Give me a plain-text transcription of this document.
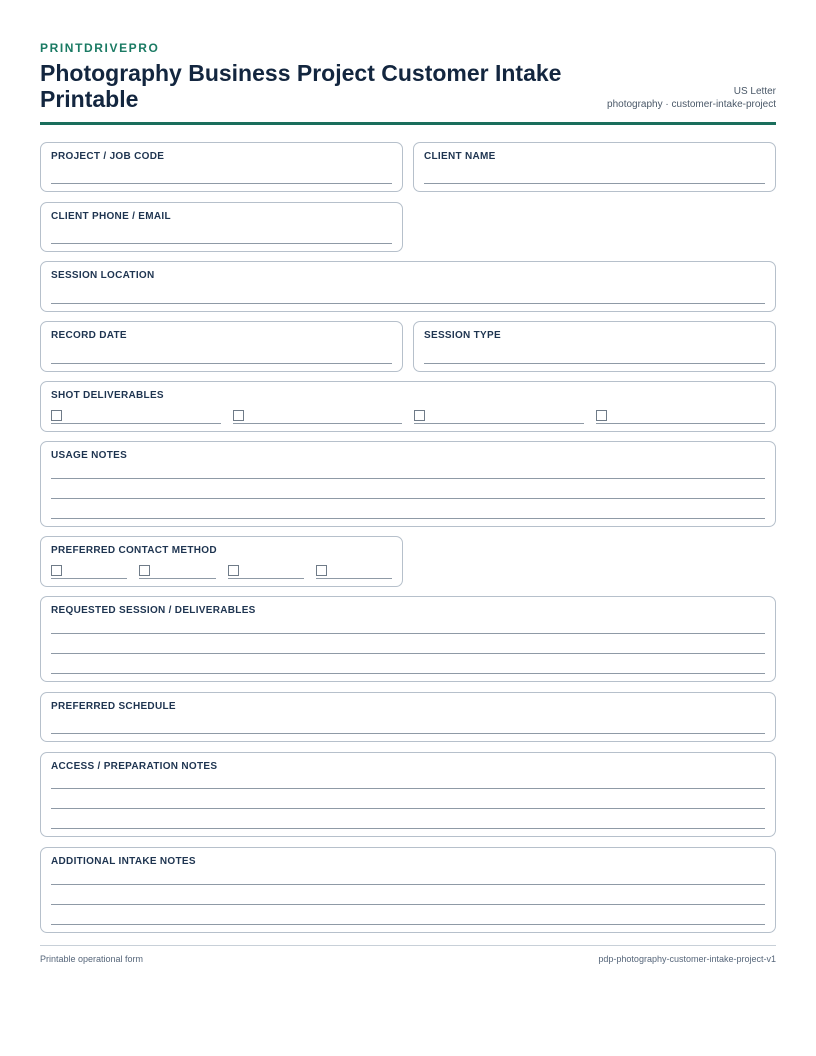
PRINTDRIVEPRO
Photography Business Project Customer Intake Printable	US Letter
photography · customer-intake-project
PROJECT / JOB CODE	CLIENT NAME
CLIENT PHONE / EMAIL
SESSION LOCATION
RECORD DATE	SESSION TYPE
SHOT DELIVERABLES
USAGE NOTES
PREFERRED CONTACT METHOD
REQUESTED SESSION / DELIVERABLES
PREFERRED SCHEDULE
ACCESS / PREPARATION NOTES
ADDITIONAL INTAKE NOTES
Printable operational form	pdp-photography-customer-intake-project-v1
